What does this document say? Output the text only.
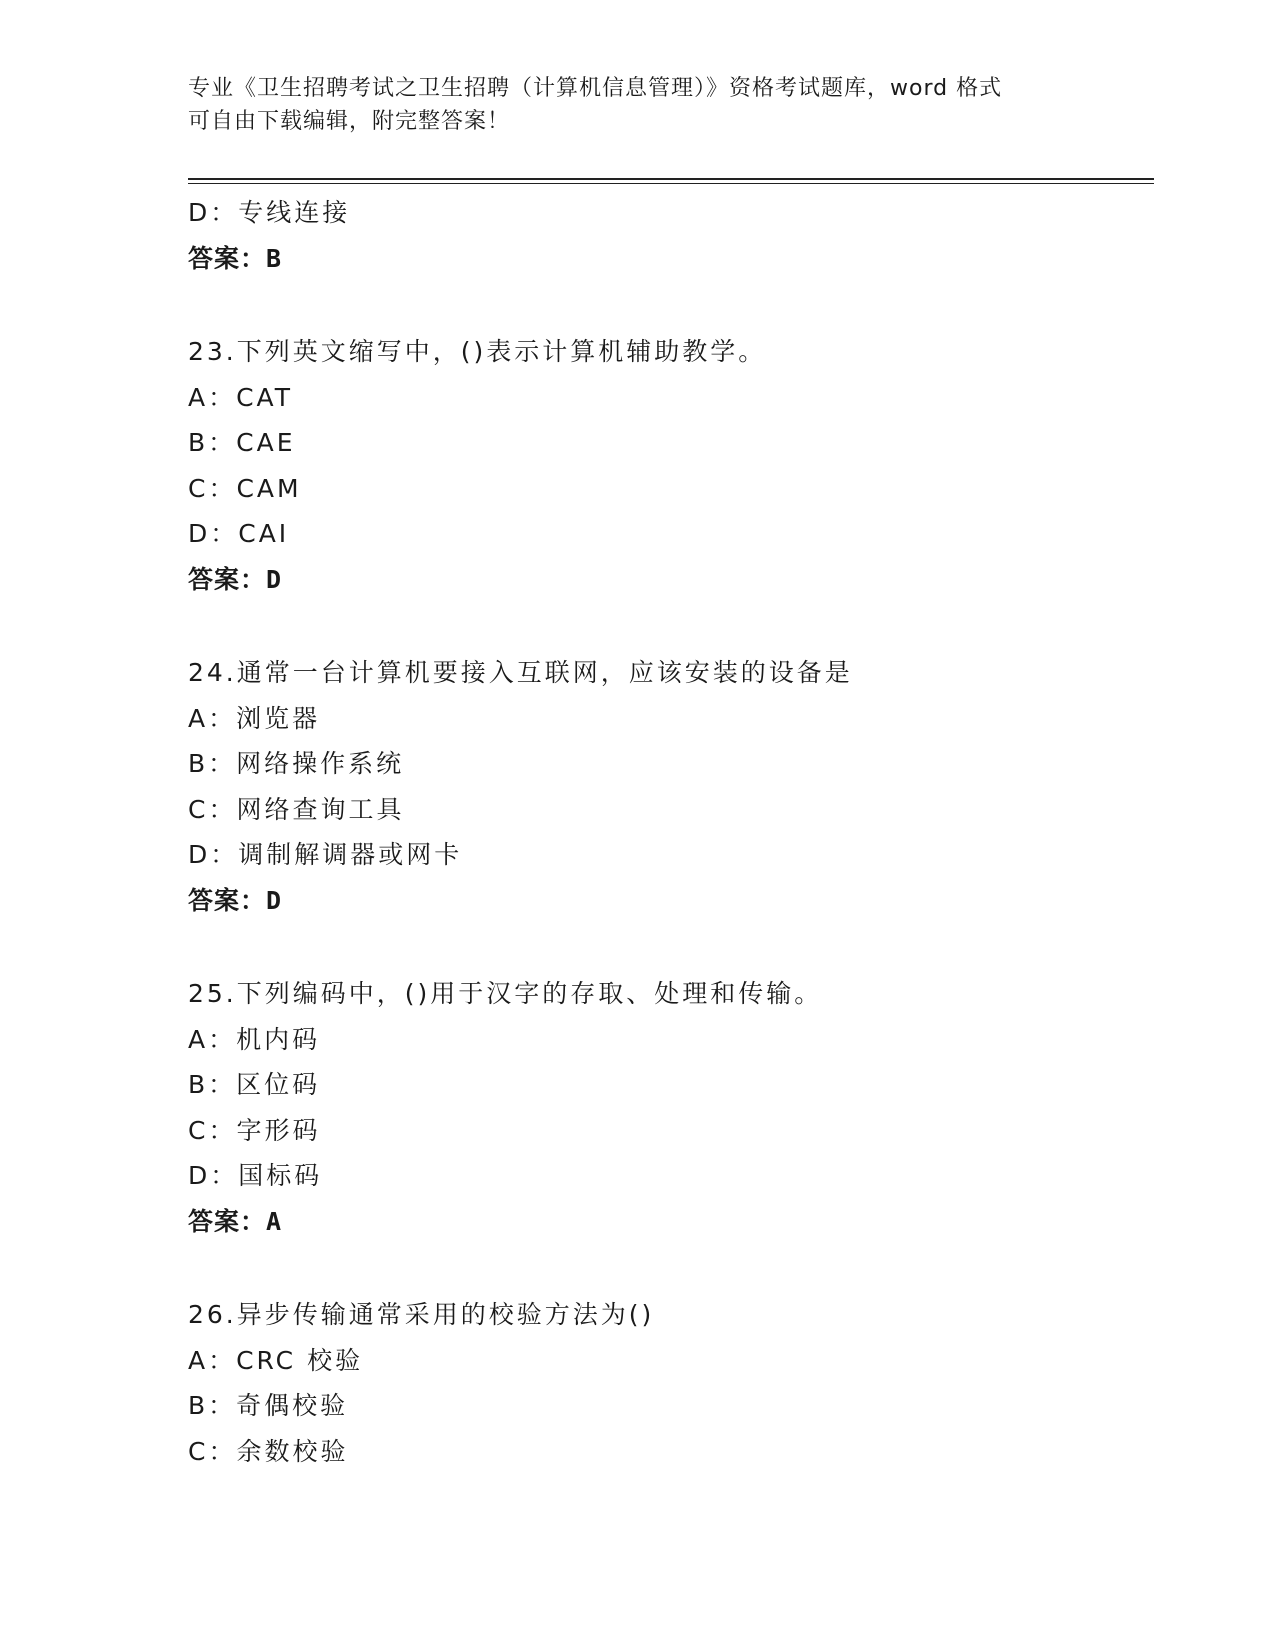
专业《卫生招聘考试之卫生招聘（计算机信息管理）》资格考试题库，word 格式
可自由下载编辑，附完整答案！
D：专线连接
答案：B
23.下列英文缩写中，()表示计算机辅助教学。
A：CAT
B：CAE
C：CAM
D：CAI
答案：D
24.通常一台计算机要接入互联网，应该安装的设备是
A：浏览器
B：网络操作系统
C：网络查询工具
D：调制解调器或网卡
答案：D
25.下列编码中，()用于汉字的存取、处理和传输。
A：机内码
B：区位码
C：字形码
D：国标码
答案：A
26.异步传输通常采用的校验方法为()
A：CRC 校验
B：奇偶校验
C：余数校验
